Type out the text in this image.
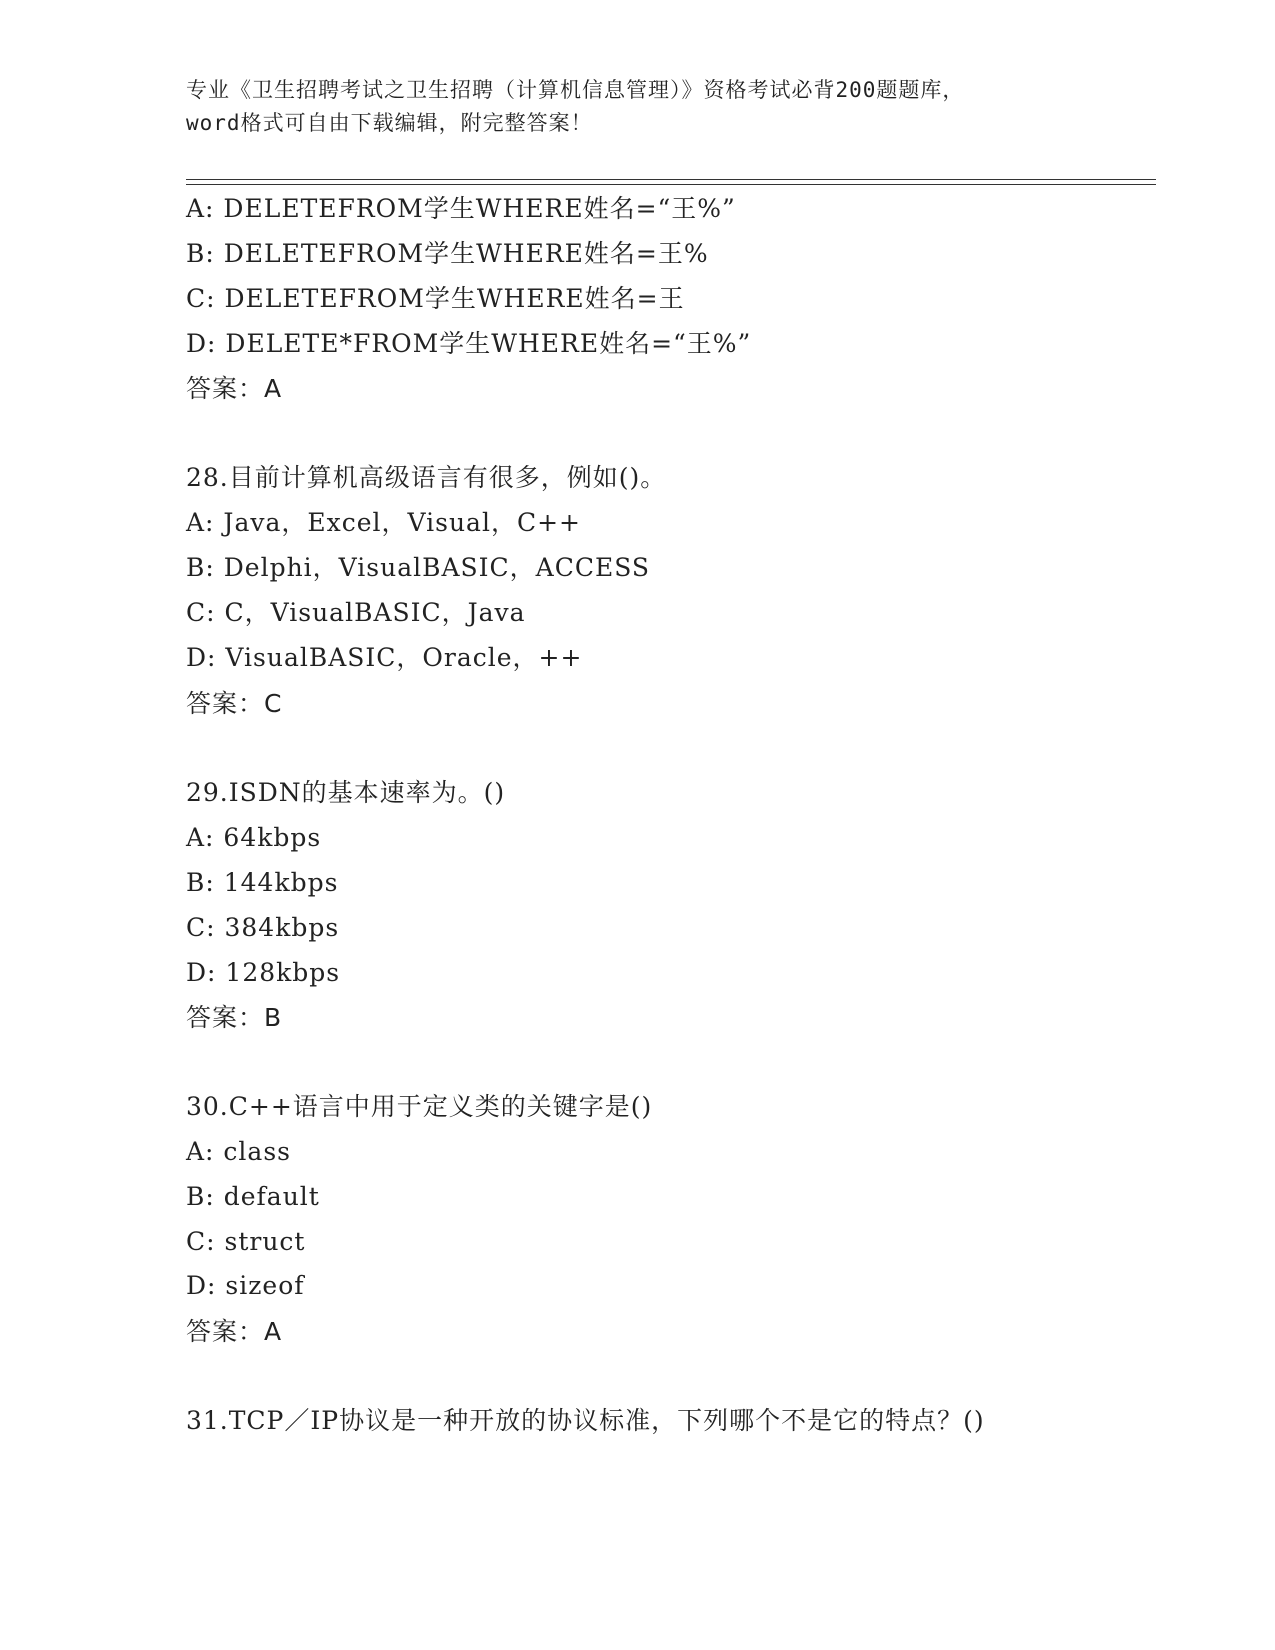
专业《卫生招聘考试之卫生招聘（计算机信息管理）》资格考试必背200题题库，
word格式可自由下载编辑，附完整答案！
A: DELETEFROM学生WHERE姓名=“王%”
B: DELETEFROM学生WHERE姓名=王%
C: DELETEFROM学生WHERE姓名=王
D: DELETE*FROM学生WHERE姓名=“王%”
答案：A
28.目前计算机高级语言有很多，例如()。
A: Java，Excel，Visual，C++
B: Delphi，VisualBASIC，ACCESS
C: C，VisualBASIC，Java
D: VisualBASIC，Oracle，++
答案：C
29.ISDN的基本速率为。()
A: 64kbps
B: 144kbps
C: 384kbps
D: 128kbps
答案：B
30.C++语言中用于定义类的关键字是()
A: class
B: default
C: struct
D: sizeof
答案：A
31.TCP／IP协议是一种开放的协议标准，下列哪个不是它的特点？()
